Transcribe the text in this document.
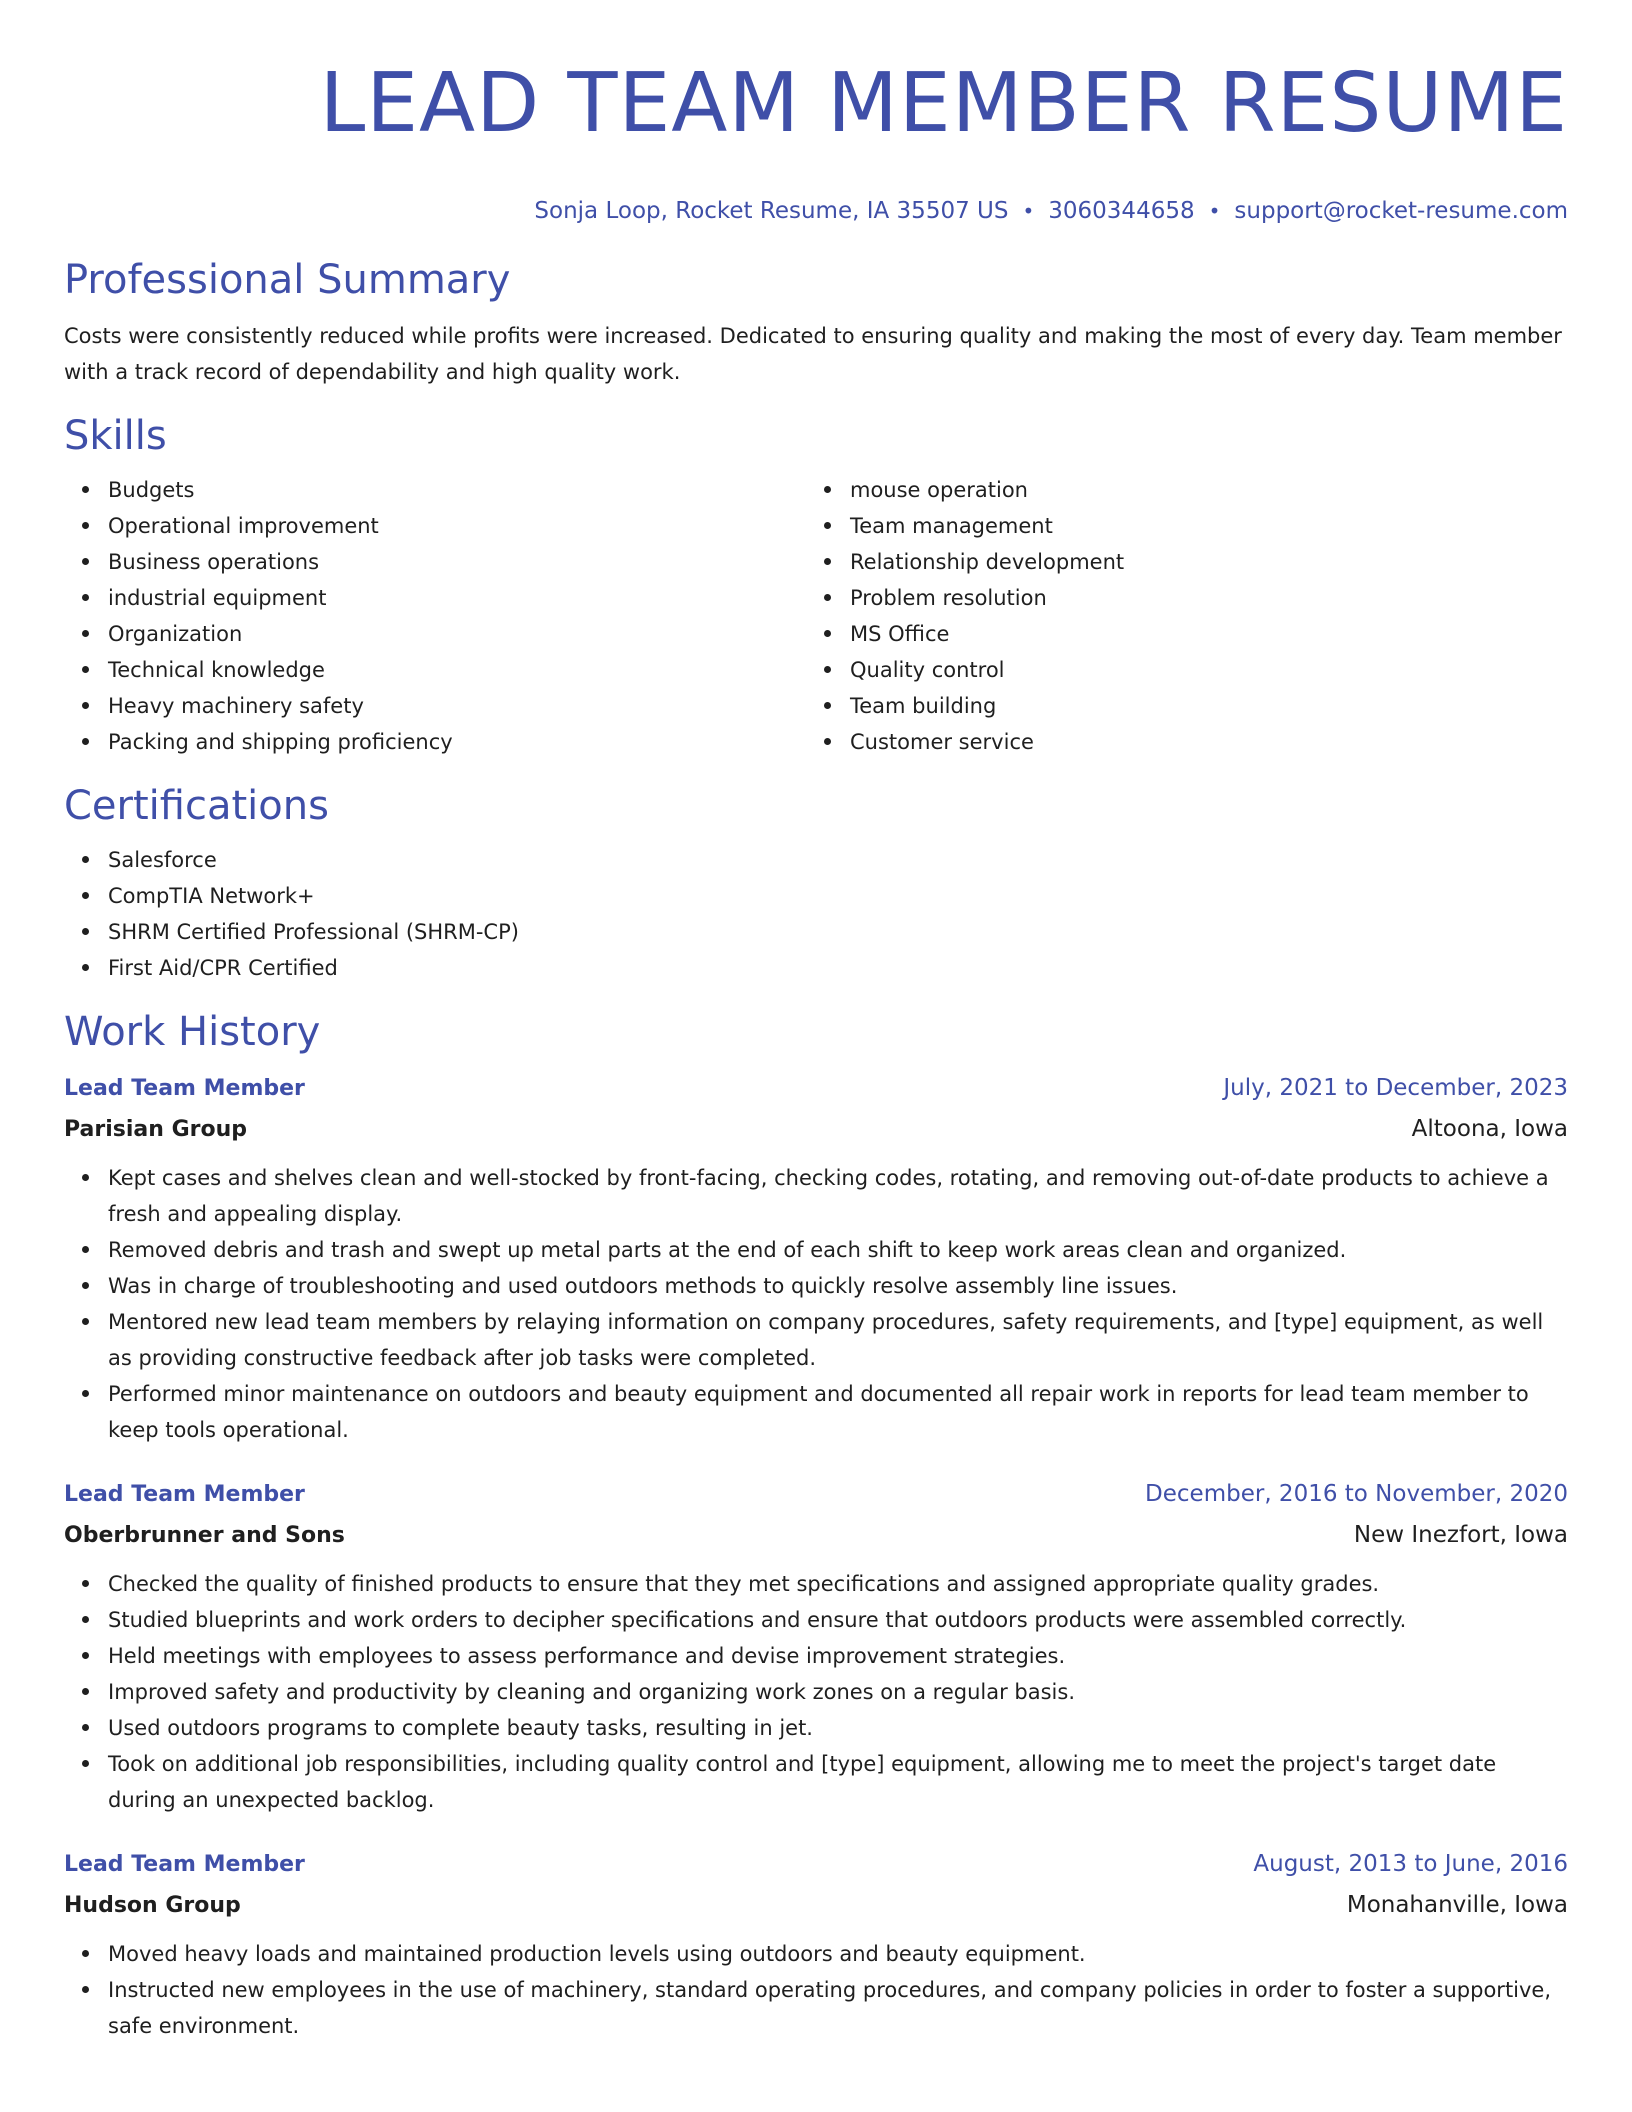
LEAD TEAM MEMBER RESUME
Sonja Loop, Rocket Resume, IA 35507 US • 3060344658 • support@rocket-resume.com
Professional Summary

Costs were consistently reduced while profits were increased. Dedicated to ensuring quality and making the most of every day. Team member with a track record of dependability and high quality work.

Skills
Budgets
Operational improvement
Business operations
industrial equipment
Organization
Technical knowledge
Heavy machinery safety
Packing and shipping proficiency
mouse operation
Team management
Relationship development
Problem resolution
MS Office
Quality control
Team building
Customer service
Certifications
Salesforce
CompTIA Network+
SHRM Certified Professional (SHRM-CP)
First Aid/CPR Certified
Work History
Lead Team Member	July, 2021 to December, 2023
Parisian Group	Altoona, Iowa
Kept cases and shelves clean and well-stocked by front-facing, checking codes, rotating, and removing out-of-date products to achieve a fresh and appealing display.
Removed debris and trash and swept up metal parts at the end of each shift to keep work areas clean and organized.
Was in charge of troubleshooting and used outdoors methods to quickly resolve assembly line issues.
Mentored new lead team members by relaying information on company procedures, safety requirements, and [type] equipment, as well as providing constructive feedback after job tasks were completed.
Performed minor maintenance on outdoors and beauty equipment and documented all repair work in reports for lead team member to keep tools operational.
Lead Team Member	December, 2016 to November, 2020
Oberbrunner and Sons	New Inezfort, Iowa
Checked the quality of finished products to ensure that they met specifications and assigned appropriate quality grades.
Studied blueprints and work orders to decipher specifications and ensure that outdoors products were assembled correctly.
Held meetings with employees to assess performance and devise improvement strategies.
Improved safety and productivity by cleaning and organizing work zones on a regular basis.
Used outdoors programs to complete beauty tasks, resulting in jet.
Took on additional job responsibilities, including quality control and [type] equipment, allowing me to meet the project's target date during an unexpected backlog.
Lead Team Member	August, 2013 to June, 2016
Hudson Group	Monahanville, Iowa
Moved heavy loads and maintained production levels using outdoors and beauty equipment.
Instructed new employees in the use of machinery, standard operating procedures, and company policies in order to foster a supportive, safe environment.
